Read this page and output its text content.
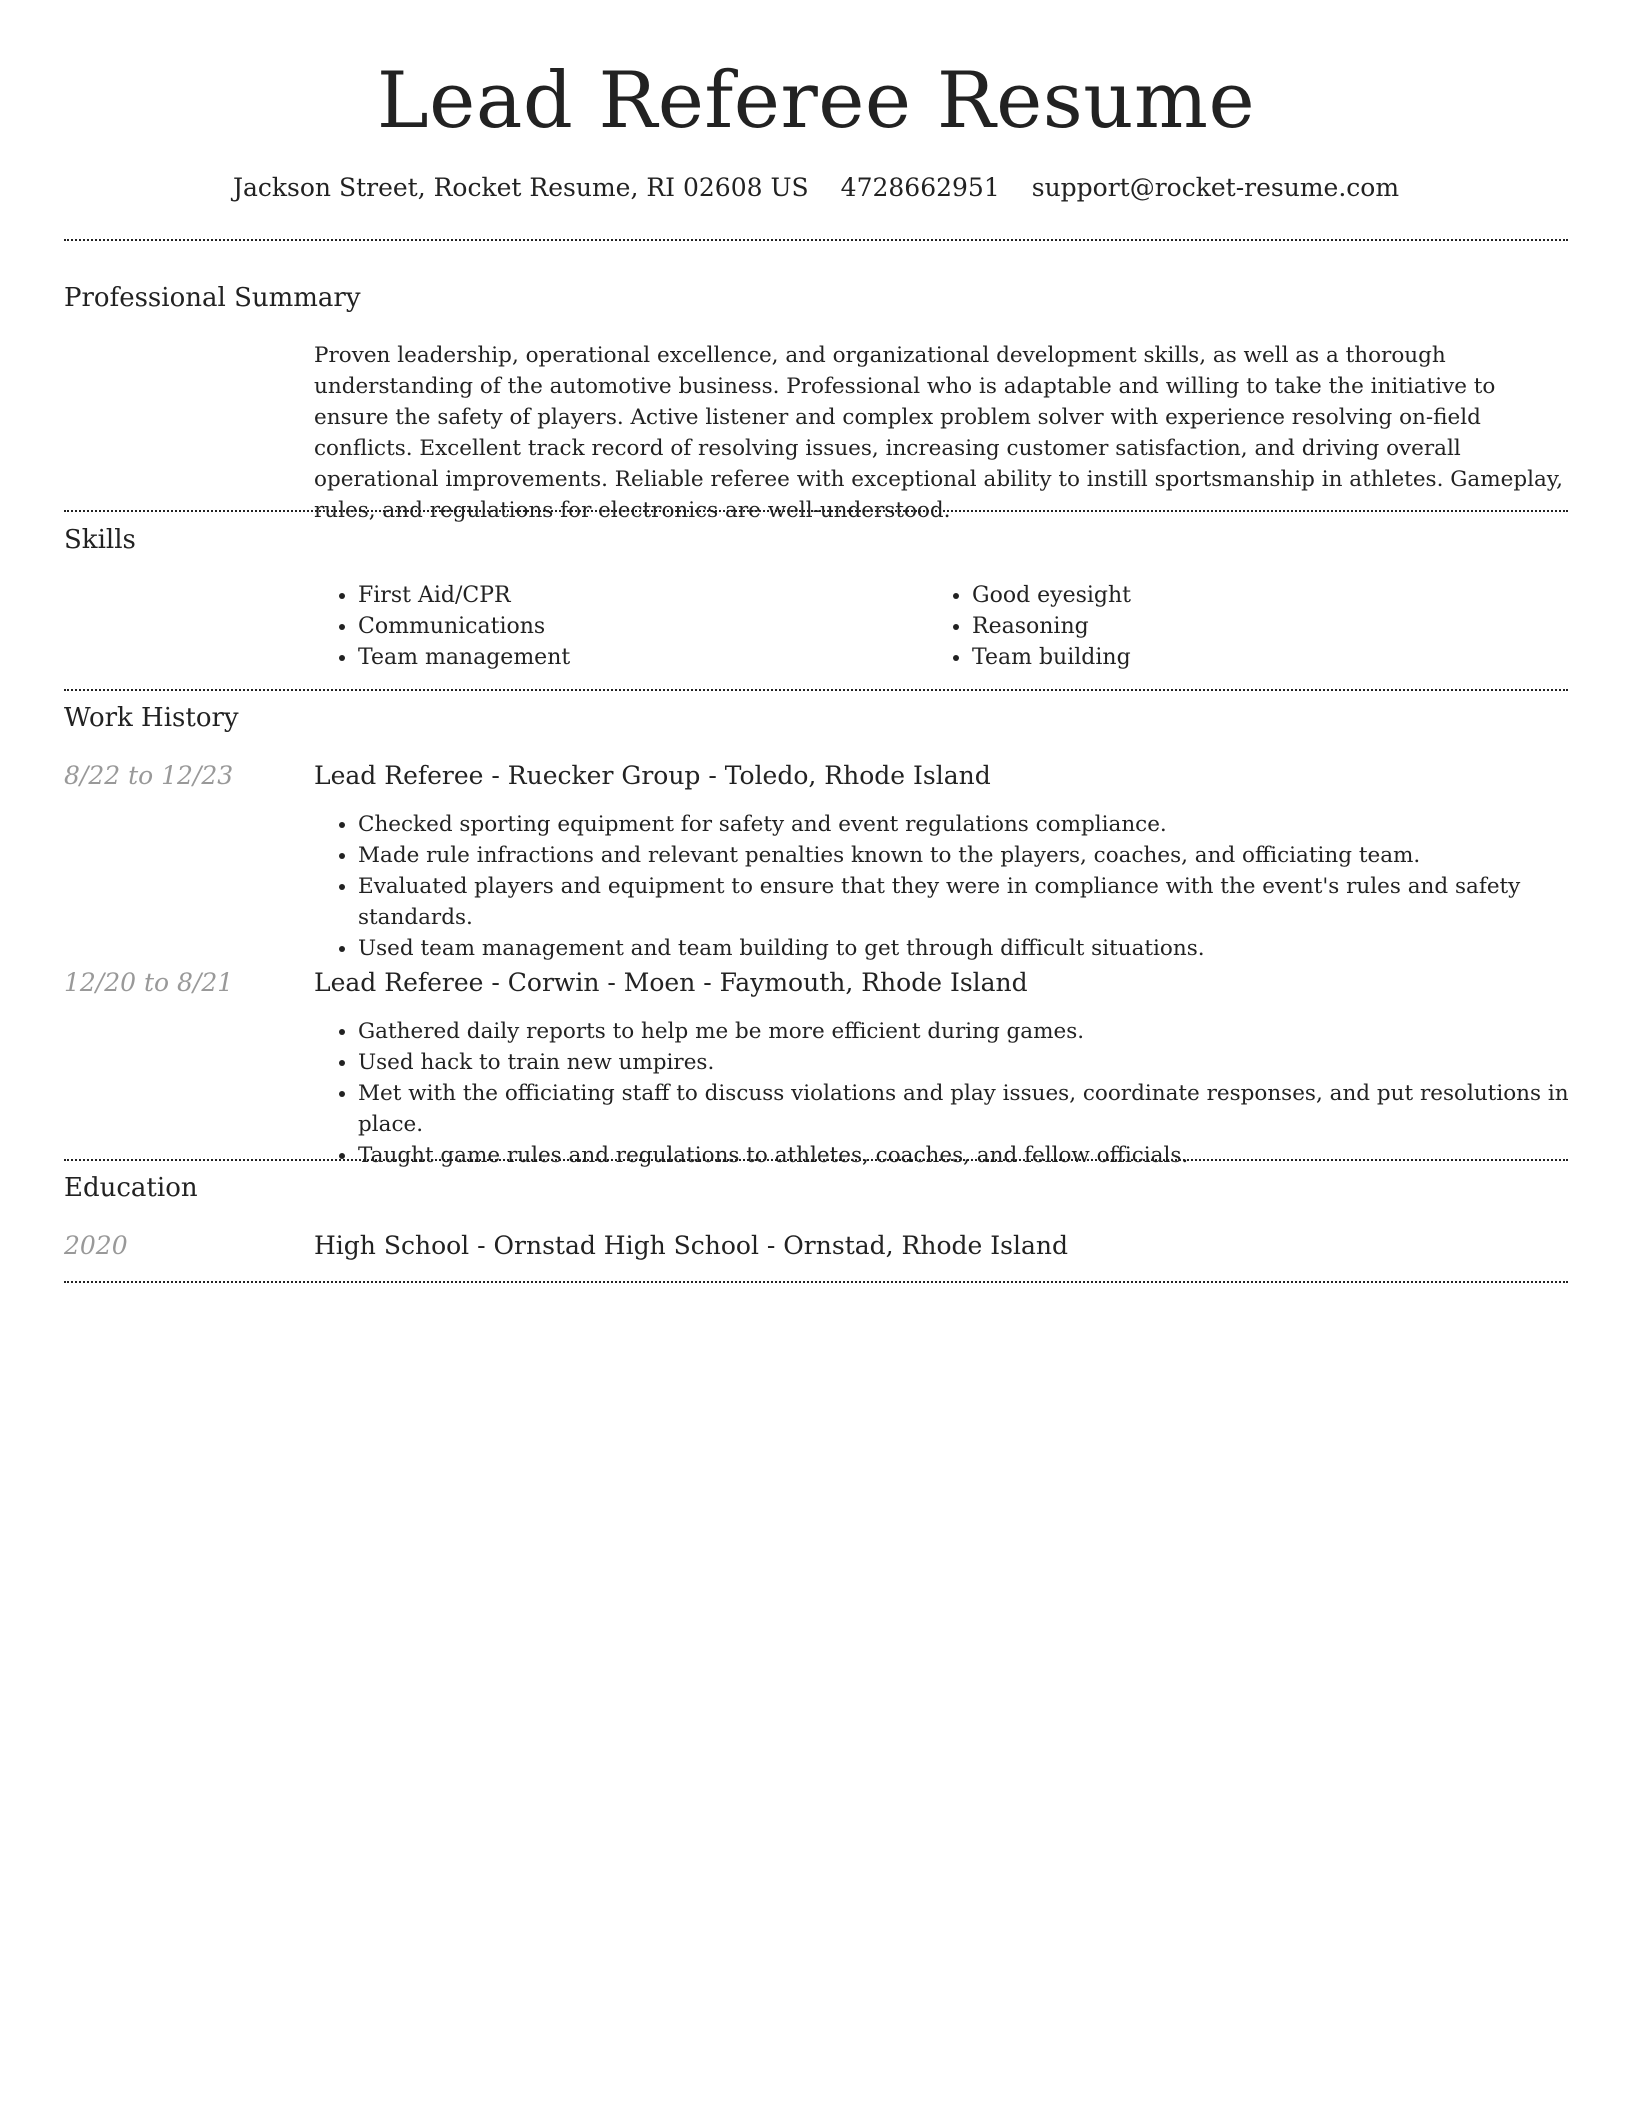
Lead Referee Resume
Jackson Street, Rocket Resume, RI 02608 US 4728662951 support@rocket-resume.com
Professional Summary

Proven leadership, operational excellence, and organizational development skills, as well as a thorough understanding of the automotive business. Professional who is adaptable and willing to take the initiative to ensure the safety of players. Active listener and complex problem solver with experience resolving on-field conflicts. Excellent track record of resolving issues, increasing customer satisfaction, and driving overall operational improvements. Reliable referee with exceptional ability to instill sportsmanship in athletes. Gameplay, rules, and regulations for electronics are well-understood.

Skills
• First Aid/CPR
• Communications
• Team management
• Good eyesight
• Reasoning
• Team building
Work History
8/22 to 12/23	Lead Referee - Ruecker Group - Toledo, Rhode Island
• Checked sporting equipment for safety and event regulations compliance.
• Made rule infractions and relevant penalties known to the players, coaches, and officiating team.
• Evaluated players and equipment to ensure that they were in compliance with the event's rules and safety standards.
• Used team management and team building to get through difficult situations.
12/20 to 8/21	Lead Referee - Corwin - Moen - Faymouth, Rhode Island
• Gathered daily reports to help me be more efficient during games.
• Used hack to train new umpires.
• Met with the officiating staff to discuss violations and play issues, coordinate responses, and put resolutions in place.
• Taught game rules and regulations to athletes, coaches, and fellow officials.
Education
2020	High School - Ornstad High School - Ornstad, Rhode Island
